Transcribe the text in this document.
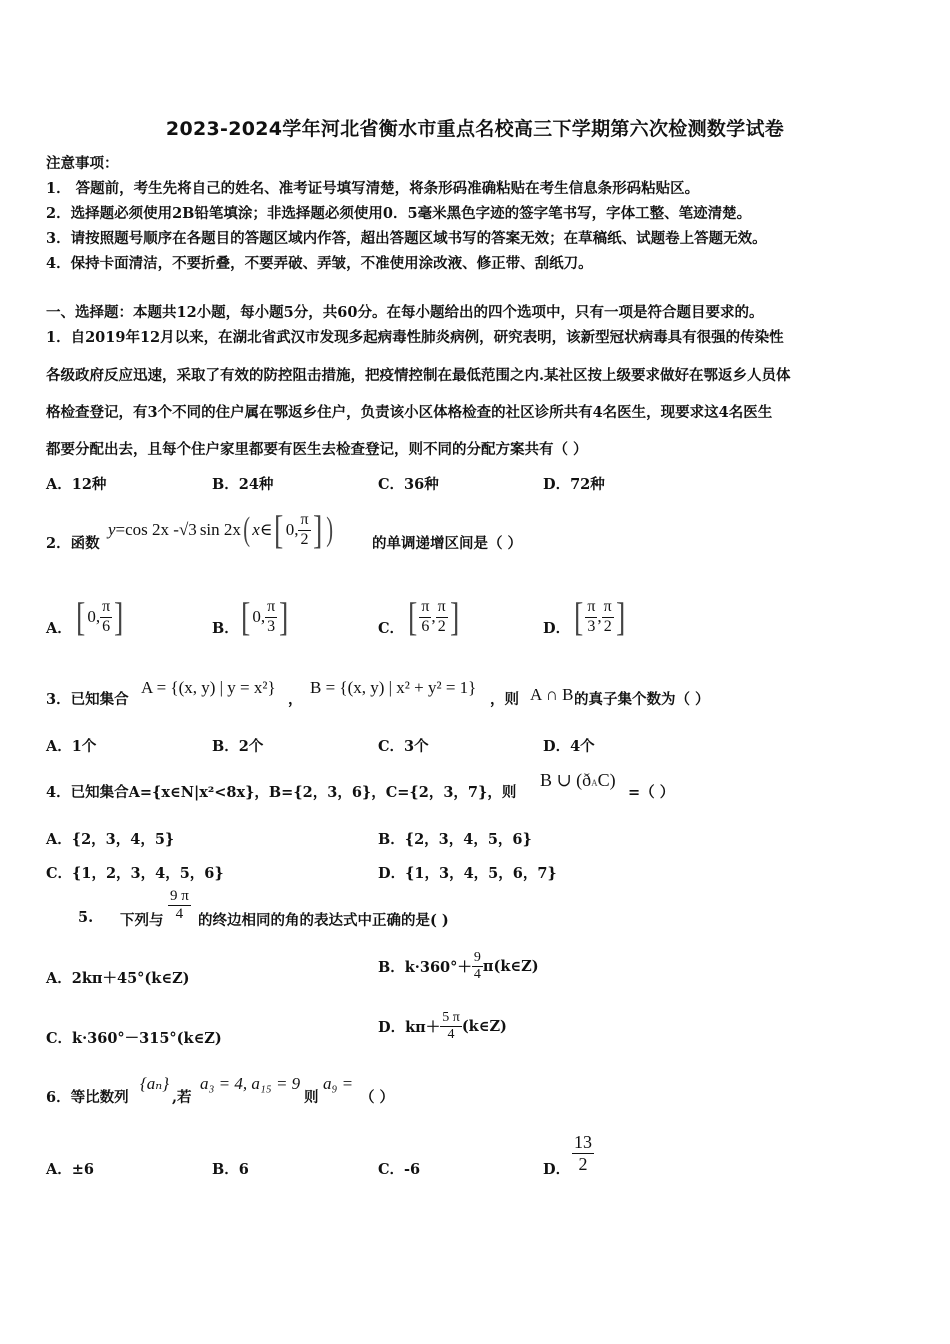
2023-2024学年河北省衡水市重点名校高三下学期第六次检测数学试卷
注意事项：
1． 答题前，考生先将自己的姓名、准考证号填写清楚，将条形码准确粘贴在考生信息条形码粘贴区。
2．选择题必须使用2B铅笔填涂；非选择题必须使用0．5毫米黑色字迹的签字笔书写，字体工整、笔迹清楚。
3．请按照题号顺序在各题目的答题区域内作答，超出答题区域书写的答案无效；在草稿纸、试题卷上答题无效。
4．保持卡面清洁，不要折叠，不要弄破、弄皱，不准使用涂改液、修正带、刮纸刀。
一、选择题：本题共12小题，每小题5分，共60分。在每小题给出的四个选项中，只有一项是符合题目要求的。
1．自2019年12月以来，在湖北省武汉市发现多起病毒性肺炎病例，研究表明，该新型冠状病毒具有很强的传染性
各级政府反应迅速，采取了有效的防控阻击措施，把疫情控制在最低范围之内.某社区按上级要求做好在鄂返乡人员体
格检查登记，有3个不同的住户属在鄂返乡住户，负责该小区体格检查的社区诊所共有4名医生，现要求这4名医生
都要分配出去，且每个住户家里都要有医生去检查登记，则不同的分配方案共有（ ）
A．12种	B．24种	C．36种	D．72种
2．函数
y =cos 2x - √3 sin 2x ( x∈ [ 0, $\frac{\pi}{2}$ ] )	的单调递增区间是（ ）
A． [ 0, $\frac{\pi}{6}$ ]	B． [ 0, $\frac{\pi}{3}$ ]	C． [ $\frac{\pi}{6}$ , $\frac{\pi}{2}$ ]	D． [ $\frac{\pi}{3}$ , $\frac{\pi}{2}$ ]
3．已知集合
A = {(x, y) | y = x²}
，
B = {(x, y) | x² + y² = 1}
，则 A ∩ B 的真子集个数为（ ）
A．1个	B．2个	C．3个	D．4个
4．已知集合A={x∈N|x²<8x}，B={2，3，6}，C={2，3，7}，则
B ∪ (ð A C)
=（ ）
A．{2，3，4，5}	B．{2，3，4，5，6}
C．{1，2，3，4，5，6}	D．{1，3，4，5，6，7}
5. 下列与 $\frac{9 \pi}{4}$ 的终边相同的角的表达式中正确的是( )
A．2kπ＋45°(k∈Z)
B．$k\cdot 360^\circ+ \frac{9}{4}$ π(k∈Z)
C．k·360°－315°(k∈Z)
D．$k\pi+ \frac{5 \pi}{4}$ (k∈Z)
6．等比数列
{aₙ}
,若
a₃ = 4, a₁₅ = 9
则
a₉ =
（ ）
A．±6	B．6	C．-6	D． $\frac{13}{2}$
